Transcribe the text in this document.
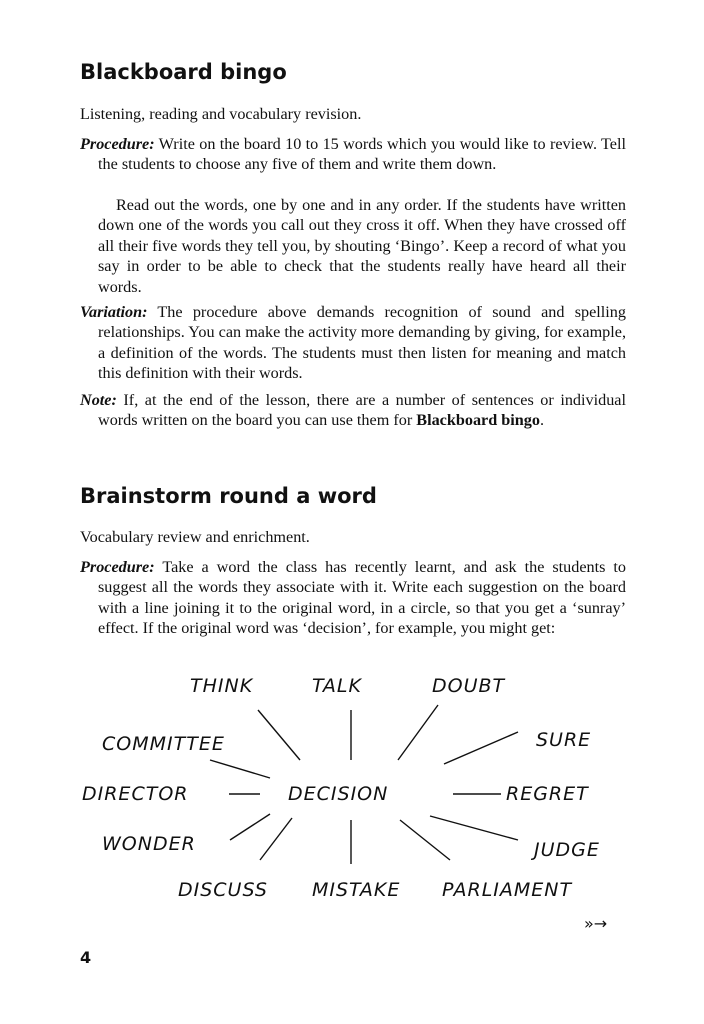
Blackboard bingo
Listening, reading and vocabulary revision.
Procedure: Write on the board 10 to 15 words which you would like to review. Tell the students to choose any five of them and write them down.
Read out the words, one by one and in any order. If the students have written down one of the words you call out they cross it off. When they have crossed off all their five words they tell you, by shouting ‘Bingo’. Keep a record of what you say in order to be able to check that the students really have heard all their words.
Variation: The procedure above demands recognition of sound and spelling relationships. You can make the activity more demanding by giving, for example, a definition of the words. The students must then listen for meaning and match this definition with their words.
Note: If, at the end of the lesson, there are a number of sentences or individual words written on the board you can use them for Blackboard bingo.
Brainstorm round a word
Vocabulary review and enrichment.
Procedure: Take a word the class has recently learnt, and ask the students to suggest all the words they associate with it. Write each suggestion on the board with a line joining it to the original word, in a circle, so that you get a ‘sunray’ effect. If the original word was ‘decision’, for example, you might get:
THINK	TALK	DOUBT
COMMITTEE	SURE
DIRECTOR	DECISION	REGRET
WONDER	JUDGE
DISCUSS MISTAKE PARLIAMENT
»→
4
